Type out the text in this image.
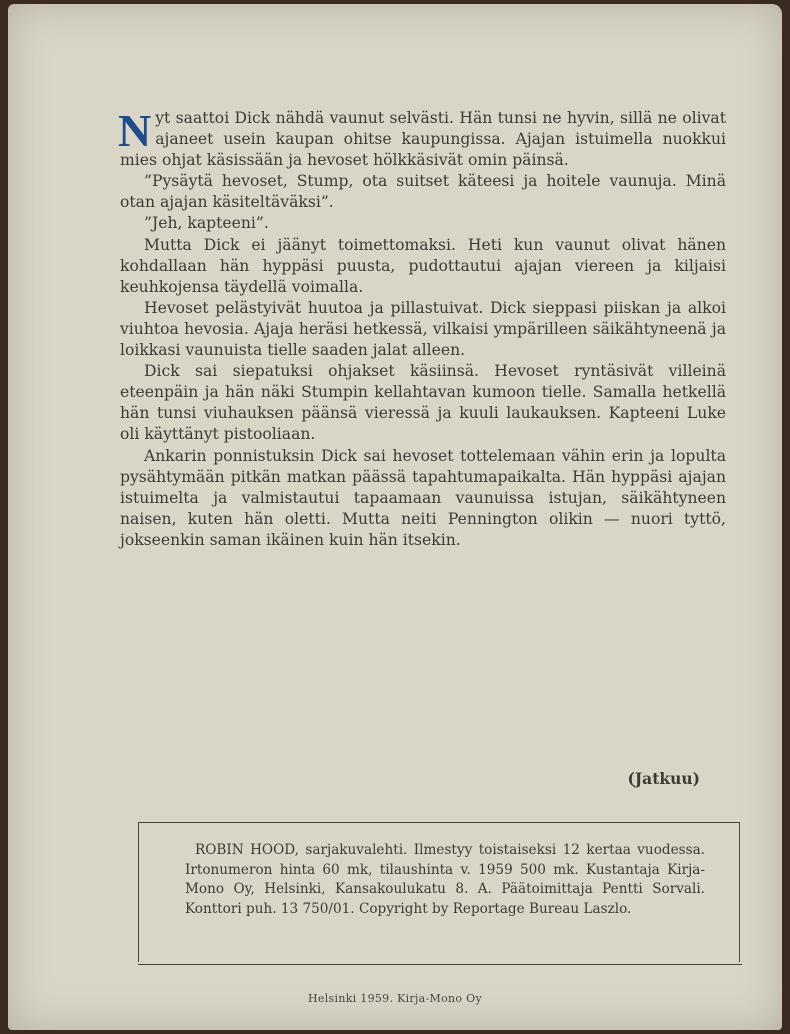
Nyt saattoi Dick nähdä vaunut selvästi. Hän tunsi ne hyvin, sillä ne olivat ajaneet usein kaupan ohitse kaupungissa. Ajajan istuimella nuokkui mies ohjat käsissään ja hevoset hölkkäsivät omin päinsä.

”Pysäytä hevoset, Stump, ota suitset käteesi ja hoitele vaunuja. Minä otan ajajan käsiteltäväksi”.

”Jeh, kapteeni”.

Mutta Dick ei jäänyt toimettomaksi. Heti kun vaunut olivat hänen kohdallaan hän hyppäsi puusta, pudottautui ajajan viereen ja kiljaisi keuhkojensa täydellä voimalla.

Hevoset pelästyivät huutoa ja pillastuivat. Dick sieppasi piiskan ja alkoi viuhtoa hevosia. Ajaja heräsi hetkessä, vilkaisi ympärilleen säikähtyneenä ja loikkasi vaunuista tielle saaden jalat alleen.

Dick sai siepatuksi ohjakset käsiinsä. Hevoset ryntäsivät villeinä eteenpäin ja hän näki Stumpin kellahtavan kumoon tielle. Samalla hetkellä hän tunsi viuhauksen päänsä vieressä ja kuuli laukauksen. Kapteeni Luke oli käyttänyt pistooliaan.

Ankarin ponnistuksin Dick sai hevoset tottelemaan vähin erin ja lopulta pysähtymään pitkän matkan päässä tapahtumapaikalta. Hän hyppäsi ajajan istuimelta ja valmistautui tapaamaan vaunuissa istujan, säikähtyneen naisen, kuten hän oletti. Mutta neiti Pennington olikin — nuori tyttö, jokseenkin saman ikäinen kuin hän itsekin.

(Jatkuu)
ROBIN HOOD, sarjakuvalehti. Ilmestyy toistaiseksi 12 kertaa vuodessa. Irtonumeron hinta 60 mk, tilaushinta v. 1959 500 mk. Kustantaja Kirja-Mono Oy, Helsinki, Kansakoulukatu 8. A. Päätoimittaja Pentti Sorvali. Konttori puh. 13 750/01. Copyright by Reportage Bureau Laszlo.
Helsinki 1959. Kirja-Mono Oy
